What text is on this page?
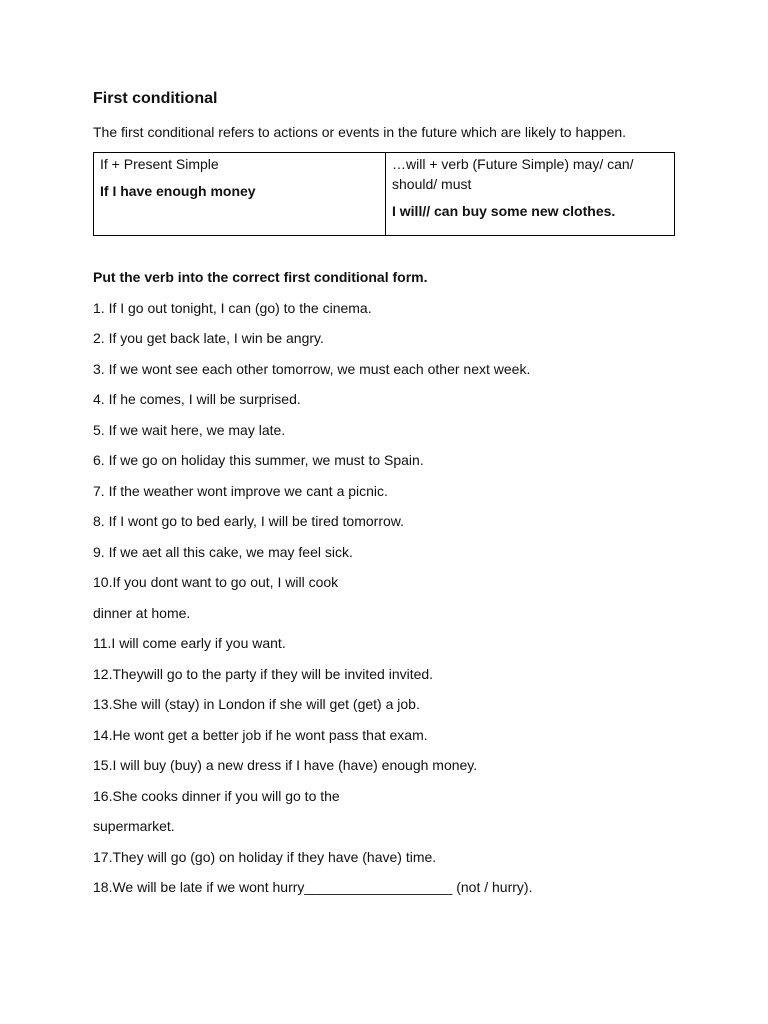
First conditional

The first conditional refers to actions or events in the future which are likely to happen.

If + Present Simple
If I have enough money

…will + verb (Future Simple) may/ can/ should/ must
I will// can buy some new clothes.

Put the verb into the correct first conditional form.

1. If I go out tonight, I can (go) to the cinema.
2. If you get back late, I win be angry.
3. If we wont see each other tomorrow, we must each other next week.
4. If he comes, I will be surprised.
5. If we wait here, we may late.
6. If we go on holiday this summer, we must to Spain.
7. If the weather wont improve we cant a picnic.
8. If I wont go to bed early, I will be tired tomorrow.
9. If we aet all this cake, we may feel sick.
10.If you dont want to go out, I will cook
dinner at home.
11.I will come early if you want.
12.Theywill go to the party if they will be invited invited.
13.She will (stay) in London if she will get (get) a job.
14.He wont get a better job if he wont pass that exam.
15.I will buy (buy) a new dress if I have (have) enough money.
16.She cooks dinner if you will go to the
supermarket.
17.They will go (go) on holiday if they have (have) time.
18.We will be late if we wont hurry___________________ (not / hurry).
